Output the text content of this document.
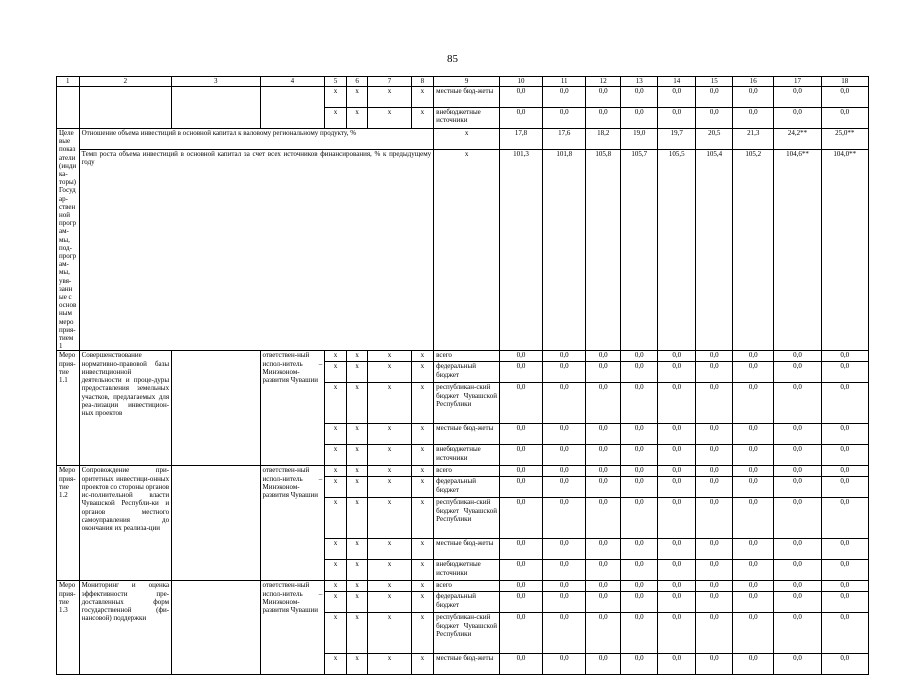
85
1	2	3	4	5	6	7	8	9	10	11	12	13	14	15	16	17	18
				x	x	x	x	местные бюд-жеты	0,0	0,0	0,0	0,0	0,0	0,0	0,0	0,0	0,0
				x	x	x	x	внебюджетные источники	0,0	0,0	0,0	0,0	0,0	0,0	0,0	0,0	0,0
Целевые показатели (индика-торы) Государ-ственной програм-мы, под-програм-мы, увя-занные с основным мероприя-тием 1	Отношение объема инвестиций в основной капитал к валовому региональному продукту, %							x	17,8	17,6	18,2	19,0	19,7	20,5	21,3	24,2**	25,0**
	Темп роста объема инвестиций в основной капитал за счет всех источников финансирования, % к предыдущему году							x	101,3	101,8	105,8	105,7	105,5	105,4	105,2	104,6**	104,0**
Мероприя-тие 1.1	Совершенствование нормативно-правовой базы инвестиционной деятельности и проце-дуры предоставления земельных участков, предлагаемых для реа-лизации инвестицион-ных проектов		ответствен-ный испол-нитель – Минэконом-развития Чувашии	x	x	x	x	всего	0,0	0,0	0,0	0,0	0,0	0,0	0,0	0,0	0,0
				x	x	x	x	федеральный бюджет	0,0	0,0	0,0	0,0	0,0	0,0	0,0	0,0	0,0
				x	x	x	x	республикан-ский бюджет Чувашской Республики	0,0	0,0	0,0	0,0	0,0	0,0	0,0	0,0	0,0
				x	x	x	x	местные бюд-жеты	0,0	0,0	0,0	0,0	0,0	0,0	0,0	0,0	0,0
				x	x	x	x	внебюджетные источники	0,0	0,0	0,0	0,0	0,0	0,0	0,0	0,0	0,0
Мероприя-тие 1.2	Сопровождение при-оритетных инвестици-онных проектов со стороны органов ис-полнительной власти Чувашской Республи-ки и органов местного самоуправления до окончания их реализа-ции		ответствен-ный испол-нитель – Минэконом-развития Чувашии	x	x	x	x	всего	0,0	0,0	0,0	0,0	0,0	0,0	0,0	0,0	0,0
				x	x	x	x	федеральный бюджет	0,0	0,0	0,0	0,0	0,0	0,0	0,0	0,0	0,0
				x	x	x	x	республикан-ский бюджет Чувашской Республики	0,0	0,0	0,0	0,0	0,0	0,0	0,0	0,0	0,0
				x	x	x	x	местные бюд-жеты	0,0	0,0	0,0	0,0	0,0	0,0	0,0	0,0	0,0
				x	x	x	x	внебюджетные источники	0,0	0,0	0,0	0,0	0,0	0,0	0,0	0,0	0,0
Мероприя-тие 1.3	Мониторинг и оценка эффективности пре-доставленных форм государственной (фи-нансовой) поддержки		ответствен-ный испол-нитель – Минэконом-развития Чувашии	x	x	x	x	всего	0,0	0,0	0,0	0,0	0,0	0,0	0,0	0,0	0,0
				x	x	x	x	федеральный бюджет	0,0	0,0	0,0	0,0	0,0	0,0	0,0	0,0	0,0
				x	x	x	x	республикан-ский бюджет Чувашской Республики	0,0	0,0	0,0	0,0	0,0	0,0	0,0	0,0	0,0
				x	x	x	x	местные бюд-жеты	0,0	0,0	0,0	0,0	0,0	0,0	0,0	0,0	0,0
